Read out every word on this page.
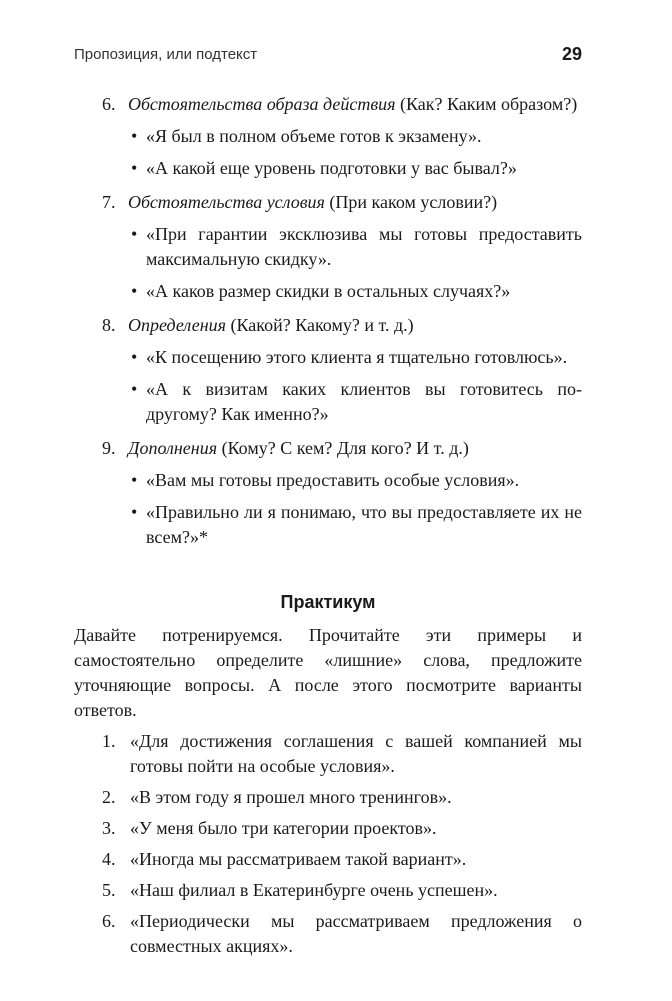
Пропозиция, или подтекст	29
6. Обстоятельства образа действия (Как? Каким образом?)
• «Я был в полном объеме готов к экзамену».
• «А какой еще уровень подготовки у вас бывал?»
7. Обстоятельства условия (При каком условии?)
• «При гарантии эксклюзива мы готовы предоставить максимальную скидку».
• «А каков размер скидки в остальных случаях?»
8. Определения (Какой? Какому? и т. д.)
• «К посещению этого клиента я тщательно готовлюсь».
• «А к визитам каких клиентов вы готовитесь по-другому? Как именно?»
9. Дополнения (Кому? С кем? Для кого? И т. д.)
• «Вам мы готовы предоставить особые условия».
• «Правильно ли я понимаю, что вы предоставляете их не всем?»*
Практикум
Давайте потренируемся. Прочитайте эти примеры и самостоятельно определите «лишние» слова, предложите уточняющие вопросы. А после этого посмотрите варианты ответов.
1. «Для достижения соглашения с вашей компанией мы готовы пойти на особые условия».
2. «В этом году я прошел много тренингов».
3. «У меня было три категории проектов».
4. «Иногда мы рассматриваем такой вариант».
5. «Наш филиал в Екатеринбурге очень успешен».
6. «Периодически мы рассматриваем предложения о совместных акциях».
